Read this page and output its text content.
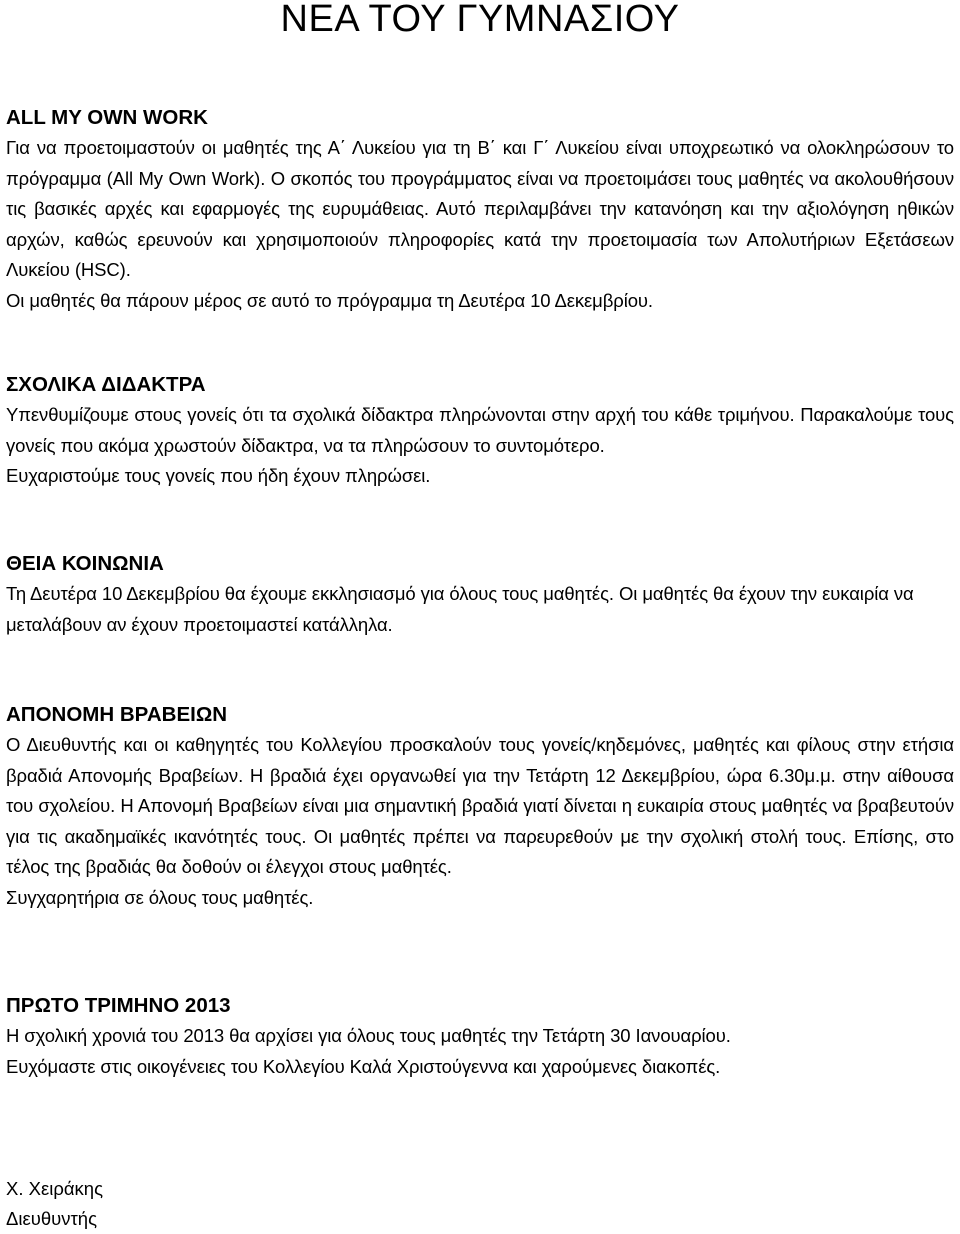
ΝΕΑ ΤΟΥ ΓΥΜΝΑΣΙΟΥ
ALL MY OWN WORK

Για να προετοιμαστούν οι μαθητές της Α΄ Λυκείου για τη Β΄ και Γ΄ Λυκείου είναι υποχρεωτικό να ολοκληρώσουν το πρόγραμμα (All My Own Work). Ο σκοπός του προγράμματος είναι να προετοιμάσει τους μαθητές να ακολουθήσουν τις βασικές αρχές και εφαρμογές της ευρυμάθειας. Αυτό περιλαμβάνει την κατανόηση και την αξιολόγηση ηθικών αρχών, καθώς ερευνούν και χρησιμοποιούν πληροφορίες κατά την προετοιμασία των Απολυτήριων Εξετάσεων Λυκείου (HSC).

Οι μαθητές θα πάρουν μέρος σε αυτό το πρόγραμμα τη Δευτέρα 10 Δεκεμβρίου.

ΣΧΟΛΙΚΑ ΔΙΔΑΚΤΡΑ

Υπενθυμίζουμε στους γονείς ότι τα σχολικά δίδακτρα πληρώνονται στην αρχή του κάθε τριμήνου. Παρακαλούμε τους γονείς που ακόμα χρωστούν δίδακτρα, να τα πληρώσουν το συντομότερο.

Ευχαριστούμε τους γονείς που ήδη έχουν πληρώσει.

ΘΕΙΑ ΚΟΙΝΩΝΙΑ

Τη Δευτέρα 10 Δεκεμβρίου θα έχουμε εκκλησιασμό για όλους τους μαθητές. Οι μαθητές θα έχουν την ευκαιρία να μεταλάβουν αν έχουν προετοιμαστεί κατάλληλα.

ΑΠΟΝΟΜΗ ΒΡΑΒΕΙΩΝ

Ο Διευθυντής και οι καθηγητές του Κολλεγίου προσκαλούν τους γονείς/κηδεμόνες, μαθητές και φίλους στην ετήσια βραδιά Απονομής Βραβείων. Η βραδιά έχει οργανωθεί για την Τετάρτη 12 Δεκεμβρίου, ώρα 6.30μ.μ. στην αίθουσα του σχολείου. Η Απονομή Βραβείων είναι μια σημαντική βραδιά γιατί δίνεται η ευκαιρία στους μαθητές να βραβευτούν για τις ακαδημαϊκές ικανότητές τους. Οι μαθητές πρέπει να παρευρεθούν με την σχολική στολή τους. Επίσης, στο τέλος της βραδιάς θα δοθούν οι έλεγχοι στους μαθητές.

Συγχαρητήρια σε όλους τους μαθητές.

ΠΡΩΤΟ ΤΡΙΜΗΝΟ 2013

Η σχολική χρονιά του 2013 θα αρχίσει για όλους τους μαθητές την Τετάρτη 30 Ιανουαρίου.

Ευχόμαστε στις οικογένειες του Κολλεγίου Καλά Χριστούγεννα και χαρούμενες διακοπές.

Χ. Χειράκης
Διευθυντής
